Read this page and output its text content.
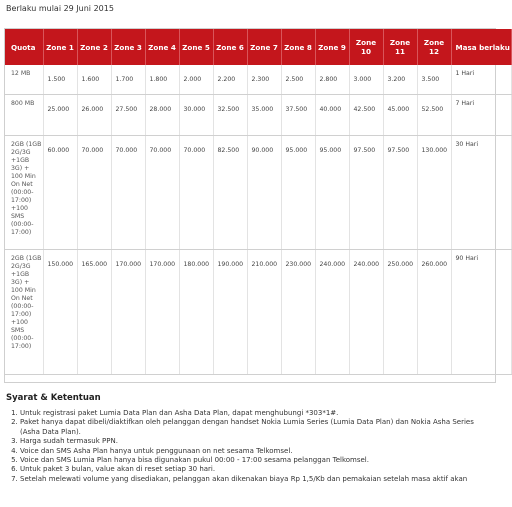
Berlaku mulai 29 Juni 2015
Quota	Zone 1	Zone 2	Zone 3	Zone 4	Zone 5	Zone 6	Zone 7	Zone 8	Zone 9	Zone 10	Zone 11	Zone 12	Masa berlaku
12 MB	1.500	1.600	1.700	1.800	2.000	2.200	2.300	2.500	2.800	3.000	3.200	3.500	1 Hari
800 MB	25.000	26.000	27.500	28.000	30.000	32.500	35.000	37.500	40.000	42.500	45.000	52.500	7 Hari
2GB (1GB 2G/3G +1GB 3G) + 100 Min On Net (00:00-17:00) +100 SMS (00:00-17:00)	60.000	70.000	70.000	70.000	70.000	82.500	90.000	95.000	95.000	97.500	97.500	130.000	30 Hari
2GB (1GB 2G/3G +1GB 3G) + 100 Min On Net (00:00-17:00) +100 SMS (00:00-17:00)	150.000	165.000	170.000	170.000	180.000	190.000	210.000	230.000	240.000	240.000	250.000	260.000	90 Hari
Syarat & Ketentuan
1. Untuk registrasi paket Lumia Data Plan dan Asha Data Plan, dapat menghubungi *303*1#.
2. Paket hanya dapat dibeli/diaktifkan oleh pelanggan dengan handset Nokia Lumia Series (Lumia Data Plan) dan Nokia Asha Series (Asha Data Plan).
3. Harga sudah termasuk PPN.
4. Voice dan SMS Asha Plan hanya untuk penggunaan on net sesama Telkomsel.
5. Voice dan SMS Lumia Plan hanya bisa digunakan pukul 00:00 - 17:00 sesama pelanggan Telkomsel.
6. Untuk paket 3 bulan, value akan di reset setiap 30 hari.
7. Setelah melewati volume yang disediakan, pelanggan akan dikenakan biaya Rp 1,5/Kb dan pemakaian setelah masa aktif akan
